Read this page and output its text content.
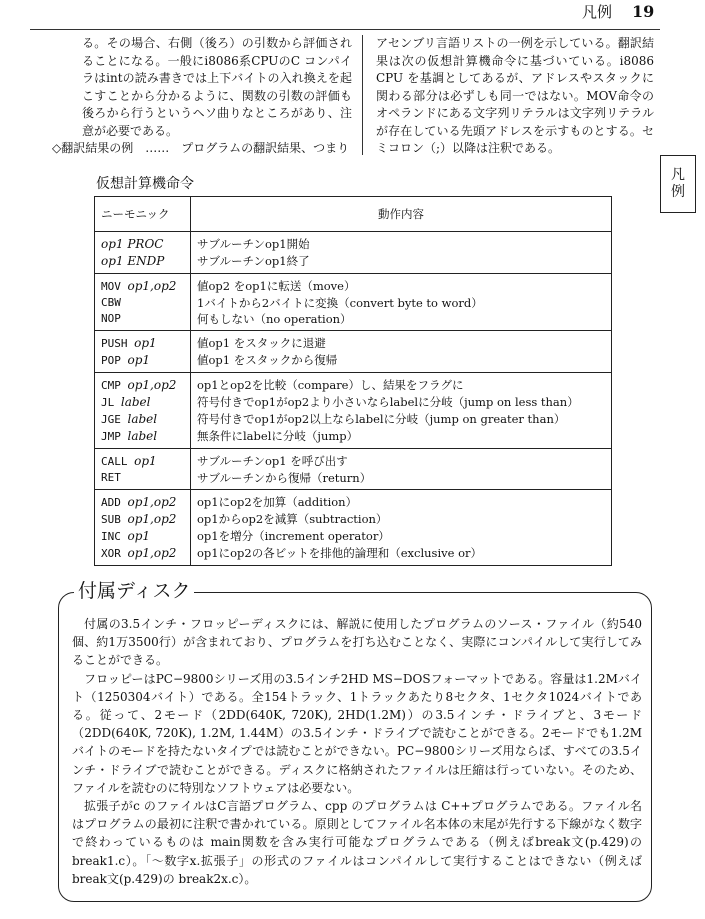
凡例 19
凡
例
る。その場合、右側（後ろ）の引数から評価されることになる。一般にi8086系CPUのC コンパイラはintの読み書きでは上下バイトの入れ換えを起こすことから分かるように、関数の引数の評価も後ろから行うというヘソ曲りなところがあり、注意が必要である。
◇翻訳結果の例　……　プログラムの翻訳結果、つまり
アセンブリ言語リストの一例を示している。翻訳結果は次の仮想計算機命令に基づいている。i8086 CPU を基調としてあるが、アドレスやスタックに関わる部分は必ずしも同一ではない。MOV命令のオペランドにある文字列リテラルは文字列リテラルが存在している先頭アドレスを示すものとする。セミコロン（;）以降は注釈である。
仮想計算機命令
ニーモニック	動作内容
op1 PROC	サブルーチンop1開始
op1 ENDP	サブルーチンop1終了
MOV op1,op2	値op2 をop1に転送（move）
CBW	1バイトから2バイトに変換（convert byte to word）
NOP	何もしない（no operation）
PUSH op1	値op1 をスタックに退避
POP op1	値op1 をスタックから復帰
CMP op1,op2	op1とop2を比較（compare）し、結果をフラグに
JL label	符号付きでop1がop2より小さいならlabelに分岐（jump on less than）
JGE label	符号付きでop1がop2以上ならlabelに分岐（jump on greater than）
JMP label	無条件にlabelに分岐（jump）
CALL op1	サブルーチンop1 を呼び出す
RET	サブルーチンから復帰（return）
ADD op1,op2	op1にop2を加算（addition）
SUB op1,op2	op1からop2を減算（subtraction）
INC op1	op1を増分（increment operator）
XOR op1,op2	op1にop2の各ビットを排他的論理和（exclusive or）
付属ディスク

付属の3.5インチ・フロッピーディスクには、解説に使用したプログラムのソース・ファイル（約540個、約1万3500行）が含まれており、プログラムを打ち込むことなく、実際にコンパイルして実行してみることができる。

フロッピーはPC−9800シリーズ用の3.5インチ2HD MS−DOSフォーマットである。容量は1.2Mバイト（1250304バイト）である。全154トラック、1トラックあたり8セクタ、1セクタ1024バイトである。従って、2モード（2DD(640K, 720K), 2HD(1.2M)）の3.5インチ・ドライブと、3モード（2DD(640K, 720K), 1.2M, 1.44M）の3.5インチ・ドライブで読むことができる。2モードでも1.2Mバイトのモードを持たないタイプでは読むことができない。PC−9800シリーズ用ならば、すべての3.5インチ・ドライブで読むことができる。ディスクに格納されたファイルは圧縮は行っていない。そのため、ファイルを読むのに特別なソフトウェアは必要ない。

拡張子がc のファイルはC言語プログラム、cpp のプログラムは C++プログラムである。ファイル名はプログラムの最初に注釈で書かれている。原則としてファイル名本体の末尾が先行する下線がなく数字で終わっているものは main関数を含み実行可能なプログラムである（例えばbreak文(p.429)の break1.c）。「〜数字x.拡張子」の形式のファイルはコンパイルして実行することはできない（例えばbreak文(p.429)の break2x.c）。
